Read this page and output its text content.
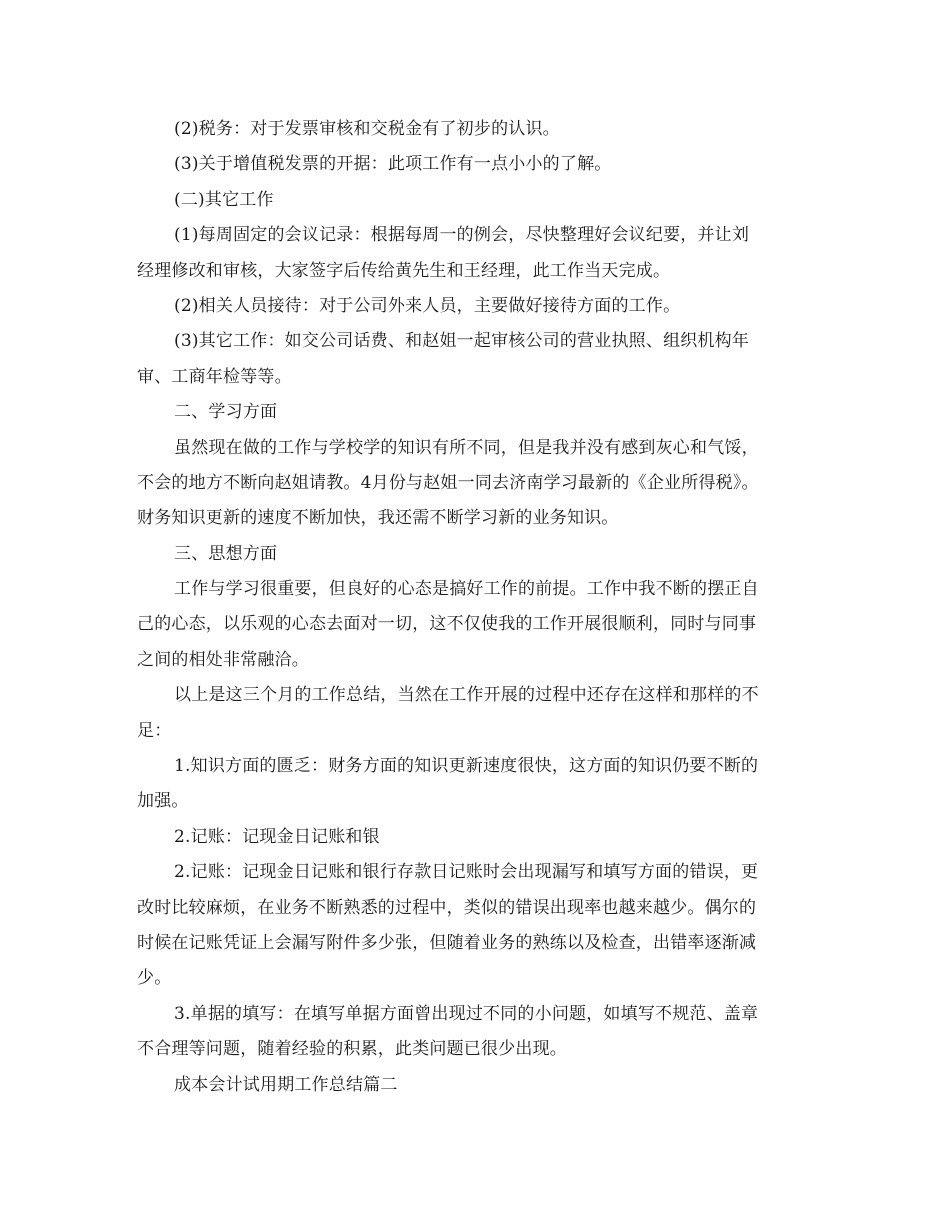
(2)税务：对于发票审核和交税金有了初步的认识。
(3)关于增值税发票的开据：此项工作有一点小小的了解。
(二)其它工作
(1)每周固定的会议记录：根据每周一的例会，尽快整理好会议纪要，并让刘
经理修改和审核，大家签字后传给黄先生和王经理，此工作当天完成。
(2)相关人员接待：对于公司外来人员，主要做好接待方面的工作。
(3)其它工作：如交公司话费、和赵姐一起审核公司的营业执照、组织机构年
审、工商年检等等。
二、学习方面
虽然现在做的工作与学校学的知识有所不同，但是我并没有感到灰心和气馁，
不会的地方不断向赵姐请教。4月份与赵姐一同去济南学习最新的《企业所得税》。
财务知识更新的速度不断加快，我还需不断学习新的业务知识。
三、思想方面
工作与学习很重要，但良好的心态是搞好工作的前提。工作中我不断的摆正自
己的心态，以乐观的心态去面对一切，这不仅使我的工作开展很顺利，同时与同事
之间的相处非常融洽。
以上是这三个月的工作总结，当然在工作开展的过程中还存在这样和那样的不
足：
1.知识方面的匮乏：财务方面的知识更新速度很快，这方面的知识仍要不断的
加强。
2.记账：记现金日记账和银
2.记账：记现金日记账和银行存款日记账时会出现漏写和填写方面的错误，更
改时比较麻烦，在业务不断熟悉的过程中，类似的错误出现率也越来越少。偶尔的
时候在记账凭证上会漏写附件多少张，但随着业务的熟练以及检查，出错率逐渐减
少。
3.单据的填写：在填写单据方面曾出现过不同的小问题，如填写不规范、盖章
不合理等问题，随着经验的积累，此类问题已很少出现。
成本会计试用期工作总结篇二
